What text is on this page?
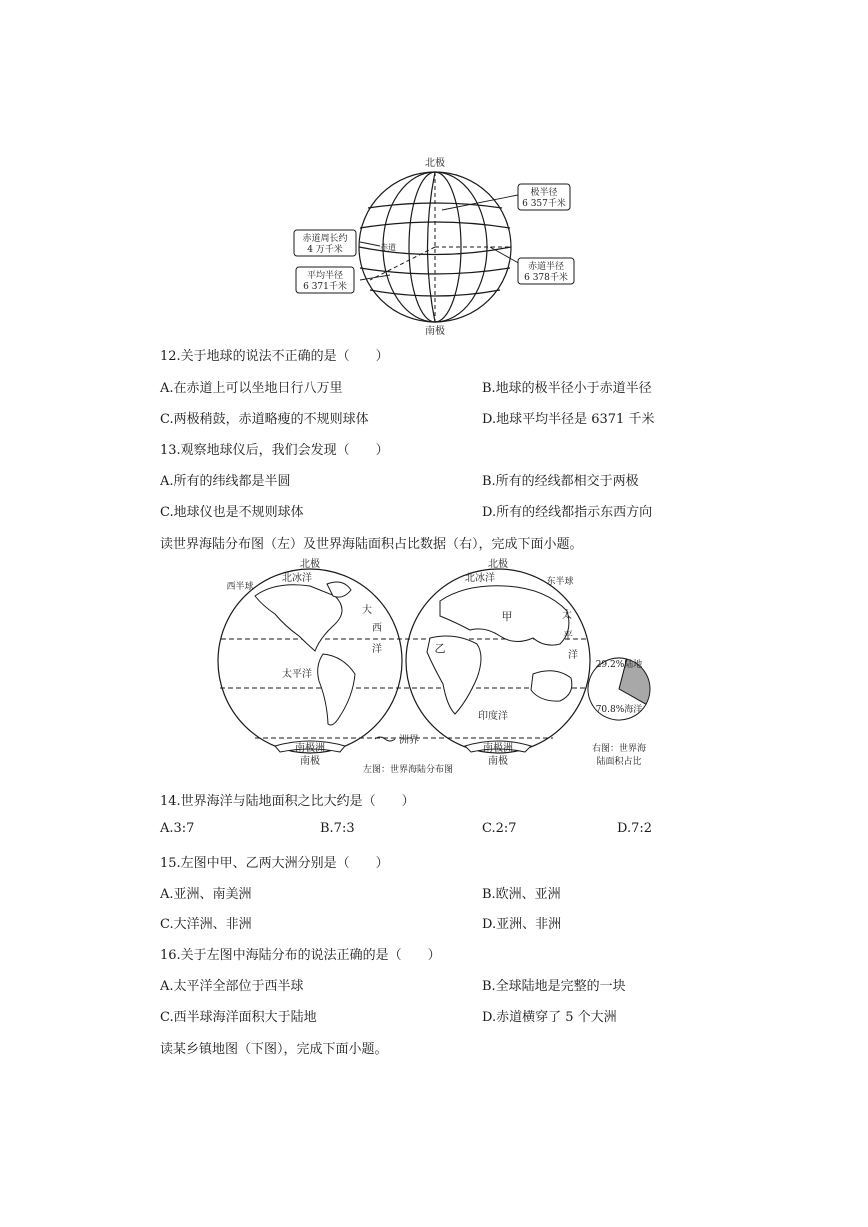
北极
南极
极半径
6 357千米
赤道周长约
4 万千米
平均半径
6 371千米
赤道半径
6 378千米
赤道
12.关于地球的说法不正确的是（　　）
A.在赤道上可以坐地日行八万里	B.地球的极半径小于赤道半径
C.两极稍鼓，赤道略瘦的不规则球体	D.地球平均半径是 6371 千米
13.观察地球仪后，我们会发现（　　）
A.所有的纬线都是半圆	B.所有的经线都相交于两极
C.地球仪也是不规则球体	D.所有的经线都指示东西方向
读世界海陆分布图（左）及世界海陆面积占比数据（右），完成下面小题。
北极	北极
西半球	东半球
北冰洋	北冰洋
大
西
洋
太平洋
太
平
洋
甲
乙
印度洋
南极洲	南极洲
南极	南极
洲界
左图：世界海陆分布图
右图：世界海
陆面积占比
29.2%陆地
70.8%海洋
14.世界海洋与陆地面积之比大约是（　　）
A.3:7	B.7:3	C.2:7	D.7:2
15.左图中甲、乙两大洲分别是（　　）
A.亚洲、南美洲	B.欧洲、亚洲
C.大洋洲、非洲	D.亚洲、非洲
16.关于左图中海陆分布的说法正确的是（　　）
A.太平洋全部位于西半球	B.全球陆地是完整的一块
C.西半球海洋面积大于陆地	D.赤道横穿了 5 个大洲
读某乡镇地图（下图），完成下面小题。
